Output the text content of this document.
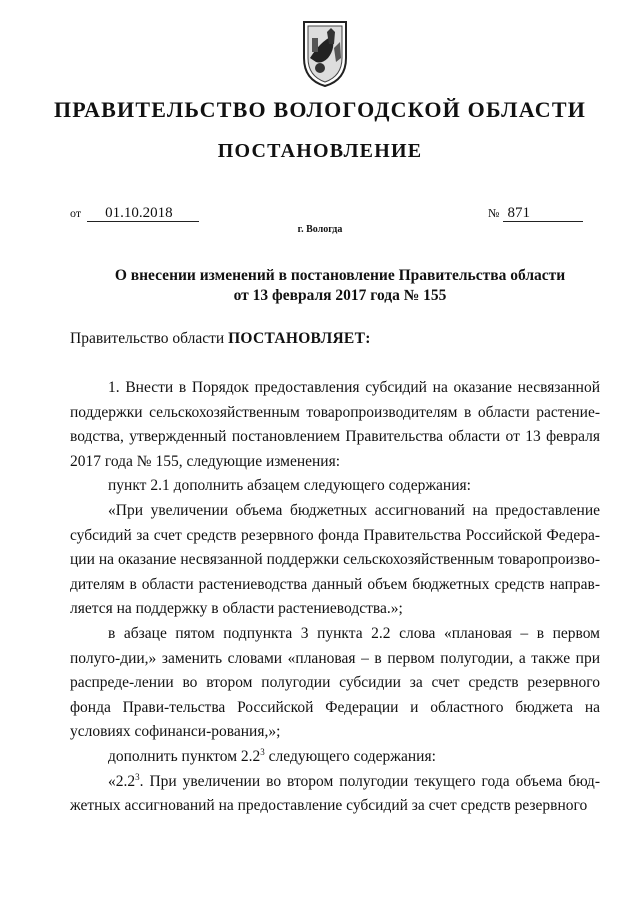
ПРАВИТЕЛЬСТВО ВОЛОГОДСКОЙ ОБЛАСТИ
ПОСТАНОВЛЕНИЕ
от 01.10.2018	№ 871
г. Вологда
О внесении изменений в постановление Правительства области
от 13 февраля 2017 года № 155
Правительство области ПОСТАНОВЛЯЕТ:

1. Внести в Порядок предоставления субсидий на оказание несвязанной поддержки сельскохозяйственным товаропроизводителям в области растение-водства, утвержденный постановлением Правительства области от 13 февраля 2017 года № 155, следующие изменения:

пункт 2.1 дополнить абзацем следующего содержания:

«При увеличении объема бюджетных ассигнований на предоставление субсидий за счет средств резервного фонда Правительства Российской Федера-ции на оказание несвязанной поддержки сельскохозяйственным товаропроизво-дителям в области растениеводства данный объем бюджетных средств направ-ляется на поддержку в области растениеводства.»;

в абзаце пятом подпункта 3 пункта 2.2 слова «плановая – в первом полуго-дии,» заменить словами «плановая – в первом полугодии, а также при распреде-лении во втором полугодии субсидии за счет средств резервного фонда Прави-тельства Российской Федерации и областного бюджета на условиях софинанси-рования,»;

дополнить пунктом $2.2^3$ следующего содержания:

«$2.2^3$. При увеличении во втором полугодии текущего года объема бюд-жетных ассигнований на предоставление субсидий за счет средств резервного
